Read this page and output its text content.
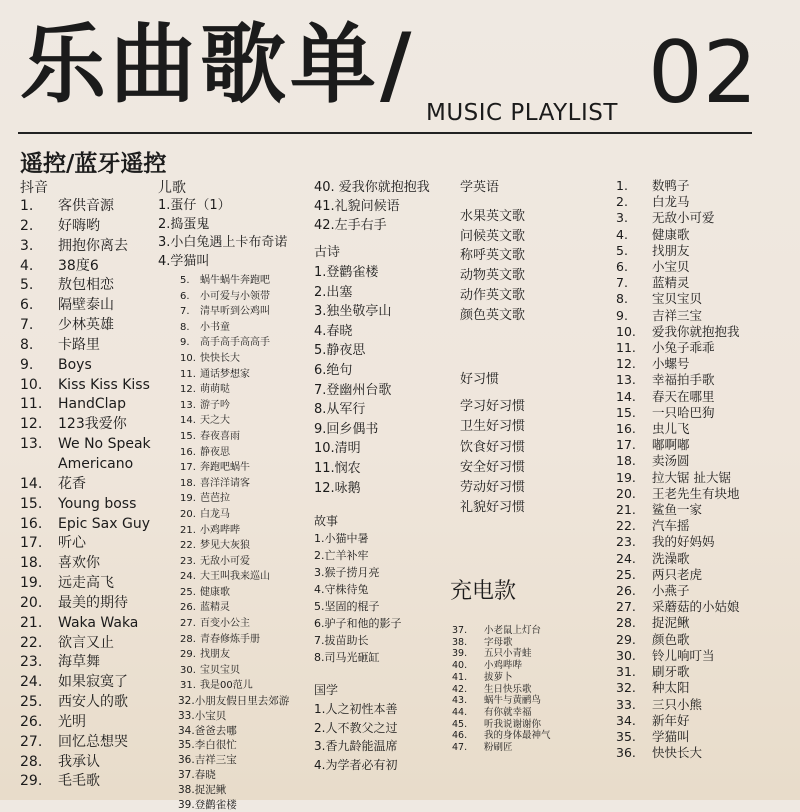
乐曲歌单/ MUSIC PLAYLIST 02
遥控/蓝牙遥控
抖音
1.	客供音源
2.	好嗨哟
3.	拥抱你离去
4.	38度6
5.	敖包相恋
6.	隔壁泰山
7.	少林英雄
8.	卡路里
9.	Boys
10.	Kiss Kiss Kiss
11.	HandClap
12.	123我爱你
13.	We No Speak
Americano
14.	花香
15.	Young boss
16.	Epic Sax Guy
17.	听心
18.	喜欢你
19.	远走高飞
20.	最美的期待
21.	Waka Waka
22.	欲言又止
23.	海草舞
24.	如果寂寞了
25.	西安人的歌
26.	光明
27.	回忆总想哭
28.	我承认
29.	毛毛歌
儿歌
1.蛋仔（1）
2.捣蛋鬼
3.小白兔遇上卡布奇诺
4.学猫叫
5.	蜗牛蜗牛奔跑吧
6.	小可爱与小领带
7.	清早听到公鸡叫
8.	小书童
9.	高手高手高高手
10. 快快长大
11. 通话梦想家
12. 萌萌哒
13. 游子吟
14. 天之大
15. 春夜喜雨
16. 静夜思
17. 奔跑吧蜗牛
18. 喜洋洋请客
19. 芭芭拉
20. 白龙马
21. 小鸡哔哔
22. 梦见大灰狼
23. 无敌小可爱
24. 大王叫我来巡山
25. 健康歌
26. 蓝精灵
27. 百变小公主
28. 青春修炼手册
29. 找朋友
30. 宝贝宝贝
31. 我是00范儿
32.小朋友假日里去郊游
33.小宝贝
34.爸爸去哪
35.李白很忙
36.吉祥三宝
37.春晓
38.捉泥鳅
39.登鹳雀楼
40. 爱我你就抱抱我
41.礼貌问候语
42.左手右手
古诗
1.登鹳雀楼
2.出塞
3.独坐敬亭山
4.春晓
5.静夜思
6.绝句
7.登幽州台歌
8.从军行
9.回乡偶书
10.清明
11.悯农
12.咏鹅
故事
1.小猫中暑
2.亡羊补牢
3.猴子捞月亮
4.守株待兔
5.坚固的棍子
6.驴子和他的影子
7.拔苗助长
8.司马光砸缸
国学
1.人之初性本善
2.人不教父之过
3.香九龄能温席
4.为学者必有初
学英语
水果英文歌
问候英文歌
称呼英文歌
动物英文歌
动作英文歌
颜色英文歌
好习惯
学习好习惯
卫生好习惯
饮食好习惯
安全好习惯
劳动好习惯
礼貌好习惯
充电款
37.	小老鼠上灯台
38.	字母歌
39.	五只小青蛙
40.	小鸡哔哔
41.	拔萝卜
42.	生日快乐歌
43.	蜗牛与黄鹂鸟
44.	有你就幸福
45.	听我说谢谢你
46.	我的身体最神气
47.	粉刷匠
1.	数鸭子
2.	白龙马
3.	无敌小可爱
4.	健康歌
5.	找朋友
6.	小宝贝
7.	蓝精灵
8.	宝贝宝贝
9.	吉祥三宝
10.	爱我你就抱抱我
11.	小兔子乖乖
12.	小螺号
13.	幸福拍手歌
14.	春天在哪里
15.	一只哈巴狗
16.	虫儿飞
17.	嘟啊嘟
18.	卖汤圆
19.	拉大锯 扯大锯
20.	王老先生有块地
21.	鲨鱼一家
22.	汽车摇
23.	我的好妈妈
24.	洗澡歌
25.	两只老虎
26.	小燕子
27.	采蘑菇的小姑娘
28.	捉泥鳅
29.	颜色歌
30.	铃儿响叮当
31.	刷牙歌
32.	种太阳
33.	三只小熊
34.	新年好
35.	学猫叫
36.	快快长大
